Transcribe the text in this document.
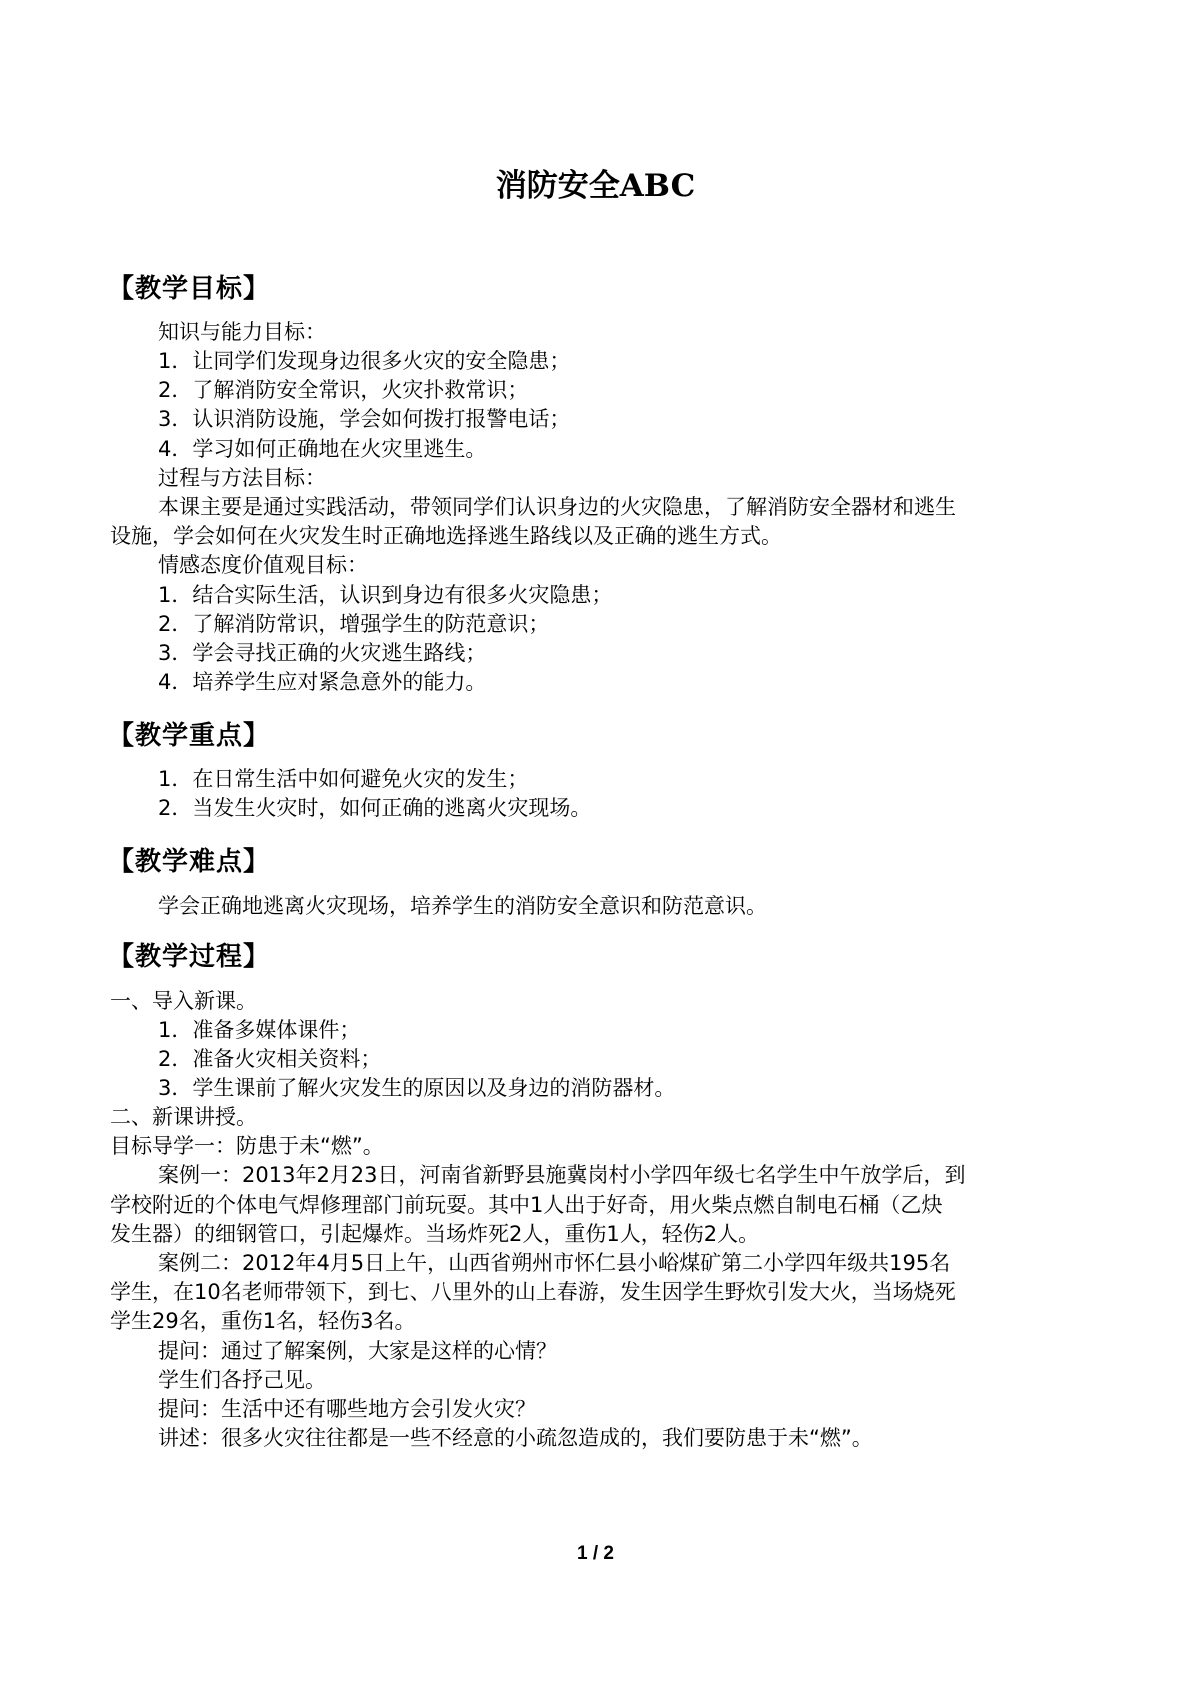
消防安全ABC
【教学目标】
知识与能力目标：
1．让同学们发现身边很多火灾的安全隐患；
2．了解消防安全常识，火灾扑救常识；
3．认识消防设施，学会如何拨打报警电话；
4．学习如何正确地在火灾里逃生。
过程与方法目标：
本课主要是通过实践活动，带领同学们认识身边的火灾隐患，了解消防安全器材和逃生
设施，学会如何在火灾发生时正确地选择逃生路线以及正确的逃生方式。
情感态度价值观目标：
1．结合实际生活，认识到身边有很多火灾隐患；
2．了解消防常识，增强学生的防范意识；
3．学会寻找正确的火灾逃生路线；
4．培养学生应对紧急意外的能力。
【教学重点】
1．在日常生活中如何避免火灾的发生；
2．当发生火灾时，如何正确的逃离火灾现场。
【教学难点】
学会正确地逃离火灾现场，培养学生的消防安全意识和防范意识。
【教学过程】
一、导入新课。
1．准备多媒体课件；
2．准备火灾相关资料；
3．学生课前了解火灾发生的原因以及身边的消防器材。
二、新课讲授。
目标导学一：防患于未“燃”。
案例一：2013年2月23日，河南省新野县施冀岗村小学四年级七名学生中午放学后，到
学校附近的个体电气焊修理部门前玩耍。其中1人出于好奇，用火柴点燃自制电石桶（乙炔
发生器）的细钢管口，引起爆炸。当场炸死2人，重伤1人，轻伤2人。
案例二：2012年4月5日上午，山西省朔州市怀仁县小峪煤矿第二小学四年级共195名
学生，在10名老师带领下，到七、八里外的山上春游，发生因学生野炊引发大火，当场烧死
学生29名，重伤1名，轻伤3名。
提问：通过了解案例，大家是这样的心情？
学生们各抒己见。
提问：生活中还有哪些地方会引发火灾？
讲述：很多火灾往往都是一些不经意的小疏忽造成的，我们要防患于未“燃”。
1 / 2
